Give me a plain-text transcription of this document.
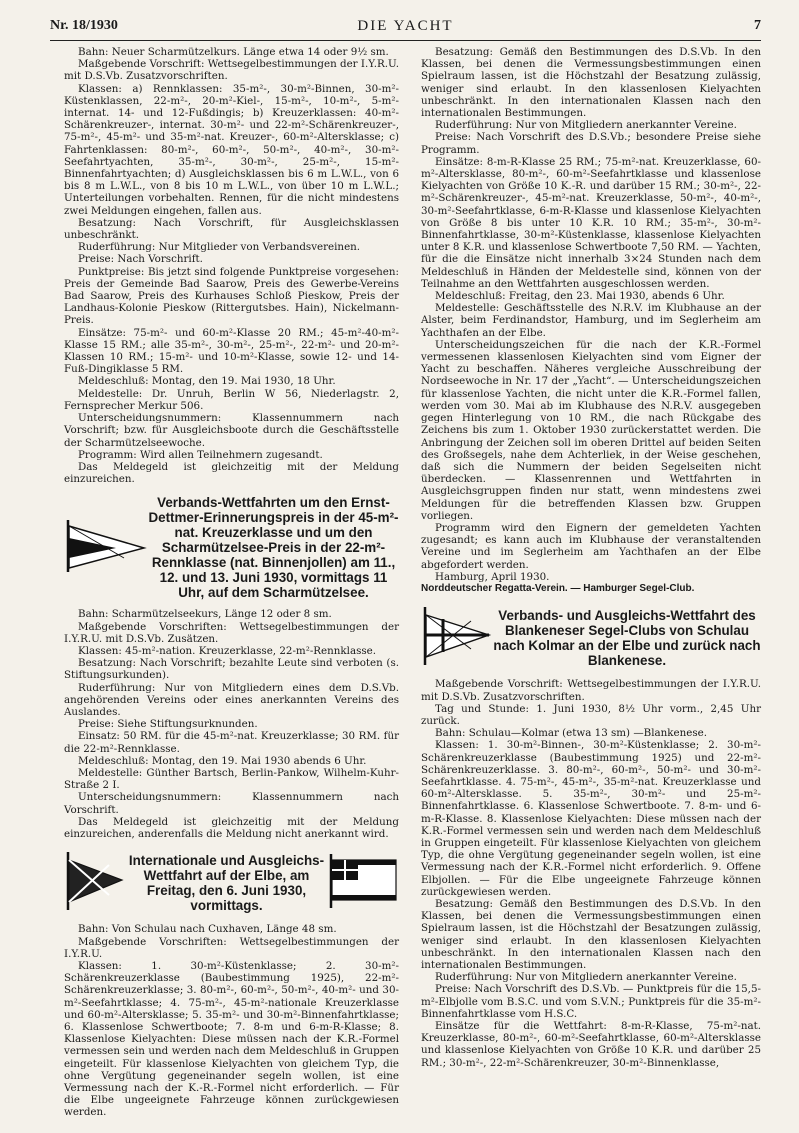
Nr. 18/1930	DIE YACHT	7

Bahn: Neuer Scharmützelkurs. Länge etwa 14 oder 9½ sm.

Maßgebende Vorschrift: Wettsegelbestimmungen der I.Y.R.U. mit D.S.Vb. Zusatzvorschriften.

Klassen: a) Rennklassen: 35-m²-, 30-m²-Binnen, 30-m²-Küstenklassen, 22-m²-, 20-m²-Kiel-, 15-m²-, 10-m²-, 5-m²-internat. 14- und 12-Fußdingis; b) Kreuzerklassen: 40-m²-Schärenkreuzer-, internat. 30-m²- und 22-m²-Schärenkreuzer-, 75-m²-, 45-m²- und 35-m²-nat. Kreuzer-, 60-m²-Altersklasse; c) Fahrtenklassen: 80-m²-, 60-m²-, 50-m²-, 40-m²-, 30-m²-Seefahrtyachten, 35-m²-, 30-m²-, 25-m²-, 15-m²-Binnenfahrtyachten; d) Ausgleichsklassen bis 6 m L.W.L., von 6 bis 8 m L.W.L., von 8 bis 10 m L.W.L., von über 10 m L.W.L.; Unterteilungen vorbehalten. Rennen, für die nicht mindestens zwei Meldungen eingehen, fallen aus.

Besatzung: Nach Vorschrift, für Ausgleichsklassen unbeschränkt.

Ruderführung: Nur Mitglieder von Verbandsvereinen.

Preise: Nach Vorschrift.

Punktpreise: Bis jetzt sind folgende Punktpreise vorgesehen: Preis der Gemeinde Bad Saarow, Preis des Gewerbe-Vereins Bad Saarow, Preis des Kurhauses Schloß Pieskow, Preis der Landhaus-Kolonie Pieskow (Rittergutsbes. Hain), Nickelmann-Preis.

Einsätze: 75-m²- und 60-m²-Klasse 20 RM.; 45-m²-40-m²-Klasse 15 RM.; alle 35-m²-, 30-m²-, 25-m²-, 22-m²- und 20-m²-Klassen 10 RM.; 15-m²- und 10-m²-Klasse, sowie 12- und 14-Fuß-Dingiklasse 5 RM.

Meldeschluß: Montag, den 19. Mai 1930, 18 Uhr.

Meldestelle: Dr. Unruh, Berlin W 56, Niederlagstr. 2, Fernsprecher Merkur 506.

Unterscheidungsnummern: Klassennummern nach Vorschrift; bzw. für Ausgleichsboote durch die Geschäftsstelle der Scharmützelseewoche.

Programm: Wird allen Teilnehmern zugesandt.

Das Meldegeld ist gleichzeitig mit der Meldung einzureichen.

Verbands-Wettfahrten um den Ernst-Dettmer-Erinnerungspreis in der 45-m²-nat. Kreuzerklasse und um den Scharmützelsee-Preis in der 22-m²-Rennklasse (nat. Binnenjollen) am 11., 12. und 13. Juni 1930, vormittags 11 Uhr, auf dem Scharmützelsee.

Bahn: Scharmützelseekurs, Länge 12 oder 8 sm.

Maßgebende Vorschriften: Wettsegelbestimmungen der I.Y.R.U. mit D.S.Vb. Zusätzen.

Klassen: 45-m²-nation. Kreuzerklasse, 22-m²-Rennklasse.

Besatzung: Nach Vorschrift; bezahlte Leute sind verboten (s. Stiftungsurkunden).

Ruderführung: Nur von Mitgliedern eines dem D.S.Vb. angehörenden Vereins oder eines anerkannten Vereins des Auslandes.

Preise: Siehe Stiftungsurknunden.

Einsatz: 50 RM. für die 45-m²-nat. Kreuzerklasse; 30 RM. für die 22-m²-Rennklasse.

Meldeschluß: Montag, den 19. Mai 1930 abends 6 Uhr.

Meldestelle: Günther Bartsch, Berlin-Pankow, Wilhelm-Kuhr-Straße 2 I.

Unterscheidungsnummern: Klassennummern nach Vorschrift.

Das Meldegeld ist gleichzeitig mit der Meldung einzureichen, anderenfalls die Meldung nicht anerkannt wird.

Internationale und Ausgleichs-Wettfahrt auf der Elbe, am Freitag, den 6. Juni 1930, vormittags.

Bahn: Von Schulau nach Cuxhaven, Länge 48 sm.

Maßgebende Vorschriften: Wettsegelbestimmungen der I.Y.R.U.

Klassen: 1. 30-m²-Küstenklasse; 2. 30-m²-Schärenkreuzerklasse (Baubestimmung 1925), 22-m²-Schärenkreuzerklasse; 3. 80-m²-, 60-m²-, 50-m²-, 40-m²- und 30-m²-Seefahrtklasse; 4. 75-m²-, 45-m²-nationale Kreuzerklasse und 60-m²-Altersklasse; 5. 35-m²- und 30-m²-Binnenfahrtklasse; 6. Klassenlose Schwertboote; 7. 8-m und 6-m-R-Klasse; 8. Klassenlose Kielyachten: Diese müssen nach der K.R.-Formel vermessen sein und werden nach dem Meldeschluß in Gruppen eingeteilt. Für klassenlose Kielyachten von gleichem Typ, die ohne Vergütung gegeneinander segeln wollen, ist eine Vermessung nach der K.-R.-Formel nicht erforderlich. — Für die Elbe ungeeignete Fahrzeuge können zurückgewiesen werden.

Besatzung: Gemäß den Bestimmungen des D.S.Vb. In den Klassen, bei denen die Vermessungsbestimmungen einen Spielraum lassen, ist die Höchstzahl der Besatzung zulässig, weniger sind erlaubt. In den klassenlosen Kielyachten unbeschränkt. In den internationalen Klassen nach den internationalen Bestimmungen.

Ruderführung: Nur von Mitgliedern anerkannter Vereine.

Preise: Nach Vorschrift des D.S.Vb.; besondere Preise siehe Programm.

Einsätze: 8-m-R-Klasse 25 RM.; 75-m²-nat. Kreuzerklasse, 60-m²-Altersklasse, 80-m²-, 60-m²-Seefahrtklasse und klassenlose Kielyachten von Größe 10 K.-R. und darüber 15 RM.; 30-m²-, 22-m²-Schärenkreuzer-, 45-m²-nat. Kreuzerklasse, 50-m²-, 40-m²-, 30-m²-Seefahrtklasse, 6-m-R-Klasse und klassenlose Kielyachten von Größe 8 bis unter 10 K.R. 10 RM.; 35-m²-, 30-m²-Binnenfahrtklasse, 30-m²-Küstenklasse, klassenlose Kielyachten unter 8 K.R. und klassenlose Schwertboote 7,50 RM. — Yachten, für die die Einsätze nicht innerhalb 3×24 Stunden nach dem Meldeschluß in Händen der Meldestelle sind, können von der Teilnahme an den Wettfahrten ausgeschlossen werden.

Meldeschluß: Freitag, den 23. Mai 1930, abends 6 Uhr.

Meldestelle: Geschäftsstelle des N.R.V. im Klubhause an der Alster, beim Ferdinandstor, Hamburg, und im Seglerheim am Yachthafen an der Elbe.

Unterscheidungszeichen für die nach der K.R.-Formel vermessenen klassenlosen Kielyachten sind vom Eigner der Yacht zu beschaffen. Näheres vergleiche Ausschreibung der Nordseewoche in Nr. 17 der „Yacht“. — Unterscheidungszeichen für klassenlose Yachten, die nicht unter die K.R.-Formel fallen, werden vom 30. Mai ab im Klubhause des N.R.V. ausgegeben gegen Hinterlegung von 10 RM., die nach Rückgabe des Zeichens bis zum 1. Oktober 1930 zurückerstattet werden. Die Anbringung der Zeichen soll im oberen Drittel auf beiden Seiten des Großsegels, nahe dem Achterliek, in der Weise geschehen, daß sich die Nummern der beiden Segelseiten nicht überdecken. — Klassenrennen und Wettfahrten in Ausgleichsgruppen finden nur statt, wenn mindestens zwei Meldungen für die betreffenden Klassen bzw. Gruppen vorliegen.

Programm wird den Eignern der gemeldeten Yachten zugesandt; es kann auch im Klubhause der veranstaltenden Vereine und im Seglerheim am Yachthafen an der Elbe abgefordert werden.

Hamburg, April 1930.

Norddeutscher Regatta-Verein. — Hamburger Segel-Club.

Verbands- und Ausgleichs-Wettfahrt des Blankeneser Segel-Clubs von Schulau nach Kolmar an der Elbe und zurück nach Blankenese.

Maßgebende Vorschrift: Wettsegelbestimmungen der I.Y.R.U. mit D.S.Vb. Zusatzvorschriften.

Tag und Stunde: 1. Juni 1930, 8½ Uhr vorm., 2,45 Uhr zurück.

Bahn: Schulau—Kolmar (etwa 13 sm) —Blankenese.

Klassen: 1. 30-m²-Binnen-, 30-m²-Küstenklasse; 2. 30-m²-Schärenkreuzerklasse (Baubestimmung 1925) und 22-m²-Schärenkreuzerklasse. 3. 80-m²-, 60-m²-, 50-m²- und 30-m²-Seefahrtklasse. 4. 75-m²-, 45-m²-, 35-m²-nat. Kreuzerklasse und 60-m²-Altersklasse. 5. 35-m²-, 30-m²- und 25-m²-Binnenfahrtklasse. 6. Klassenlose Schwertboote. 7. 8-m- und 6-m-R-Klasse. 8. Klassenlose Kielyachten: Diese müssen nach der K.R.-Formel vermessen sein und werden nach dem Meldeschluß in Gruppen eingeteilt. Für klassenlose Kielyachten von gleichem Typ, die ohne Vergütung gegeneinander segeln wollen, ist eine Vermessung nach der K.R.-Formel nicht erforderlich. 9. Offene Elbjollen. — Für die Elbe ungeeignete Fahrzeuge können zurückgewiesen werden.

Besatzung: Gemäß den Bestimmungen des D.S.Vb. In den Klassen, bei denen die Vermessungsbestimmungen einen Spielraum lassen, ist die Höchstzahl der Besatzungen zulässig, weniger sind erlaubt. In den klassenlosen Kielyachten unbeschränkt. In den internationalen Klassen nach den internationalen Bestimmungen.

Ruderführung: Nur von Mitgliedern anerkannter Vereine.

Preise: Nach Vorschrift des D.S.Vb. — Punktpreis für die 15,5-m²-Elbjolle vom B.S.C. und vom S.V.N.; Punktpreis für die 35-m²-Binnenfahrtklasse vom H.S.C.

Einsätze für die Wettfahrt: 8-m-R-Klasse, 75-m²-nat. Kreuzerklasse, 80-m²-, 60-m²-Seefahrtklasse, 60-m²-Altersklasse und klassenlose Kielyachten von Größe 10 K.R. und darüber 25 RM.; 30-m²-, 22-m²-Schärenkreuzer, 30-m²-Binnenklasse,
